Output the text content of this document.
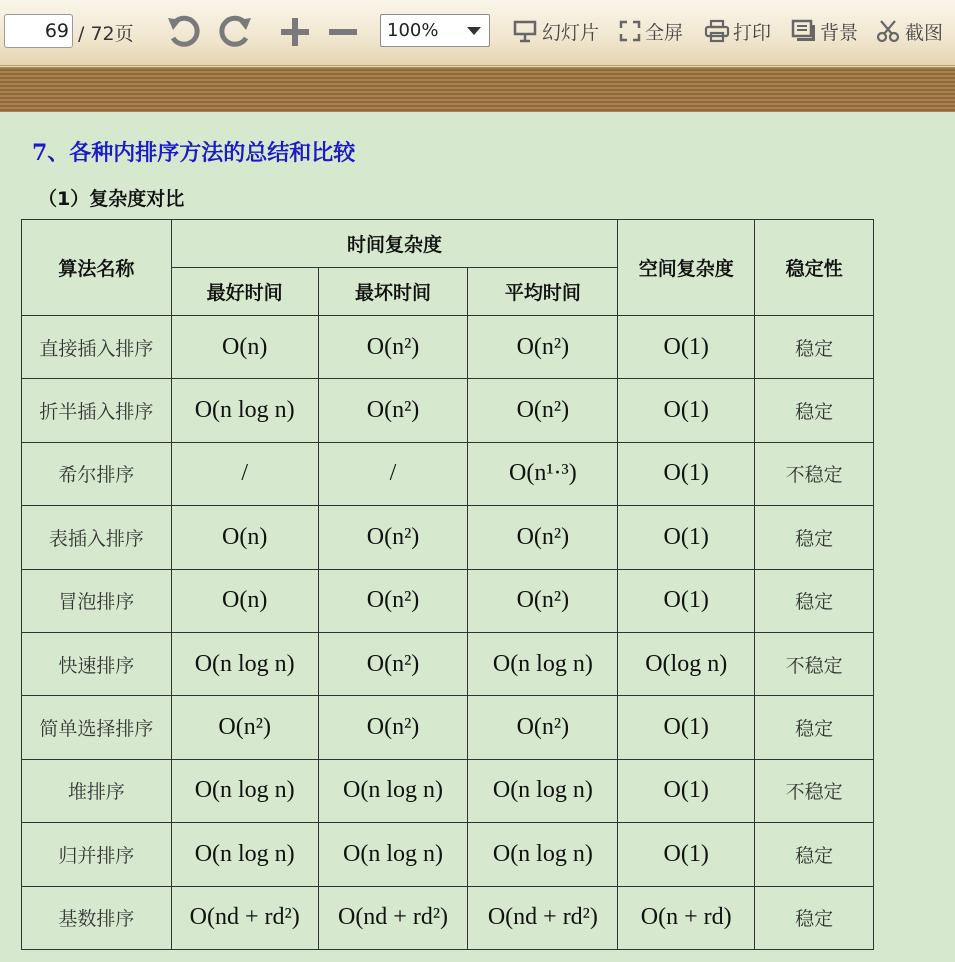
69 / 72页	100%	幻灯片 全屏	打印	背景 截图
7、各种内排序方法的总结和比较
（1）复杂度对比
算法名称	时间复杂度			空间复杂度	稳定性
	最好时间	最坏时间	平均时间		
直接插入排序	O(n)	O(n²)	O(n²)	O(1)	稳定
折半插入排序	O(n log n)	O(n²)	O(n²)	O(1)	稳定
希尔排序	/	/	O(n¹·³)	O(1)	不稳定
表插入排序	O(n)	O(n²)	O(n²)	O(1)	稳定
冒泡排序	O(n)	O(n²)	O(n²)	O(1)	稳定
快速排序	O(n log n)	O(n²)	O(n log n)	O(log n)	不稳定
简单选择排序	O(n²)	O(n²)	O(n²)	O(1)	稳定
堆排序	O(n log n)	O(n log n)	O(n log n)	O(1)	不稳定
归并排序	O(n log n)	O(n log n)	O(n log n)	O(1)	稳定
基数排序	O(nd + rd²)	O(nd + rd²)	O(nd + rd²)	O(n + rd)	稳定
